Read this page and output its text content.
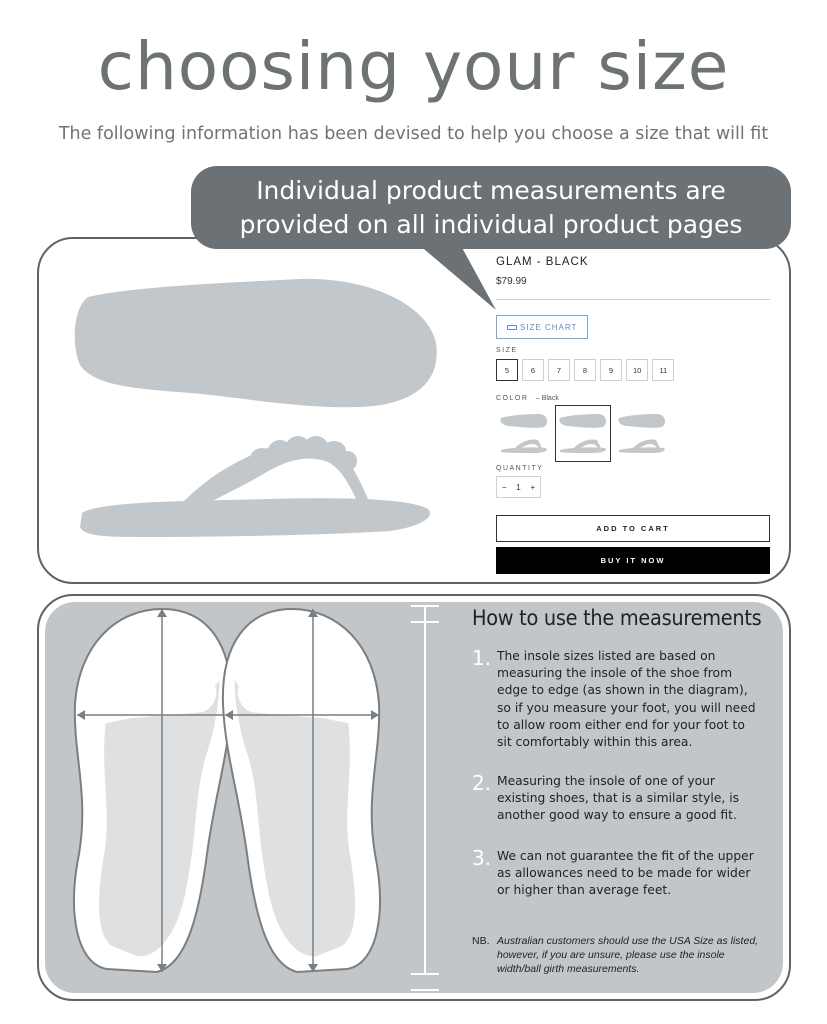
choosing your size
The following information has been devised to help you choose a size that will fit
Individual product measurements are
provided on all individual product pages
GLAM - BLACK
$79.99
SIZE CHART
SIZE
5	6	7	8	9	10	11
COLOR – Black
QUANTITY
−	1	+
ADD TO CART
BUY IT NOW
How to use the measurements
1. The insole sizes listed are based on measuring the insole of the shoe from edge to edge (as shown in the diagram), so if you measure your foot, you will need to allow room either end for your foot to sit comfortably within this area.
2. Measuring the insole of one of your existing shoes, that is a similar style, is another good way to ensure a good fit.
3. We can not guarantee the fit of the upper as allowances need to be made for wider or higher than average feet.
NB. Australian customers should use the USA Size as listed, however, if you are unsure, please use the insole width/ball girth measurements.
